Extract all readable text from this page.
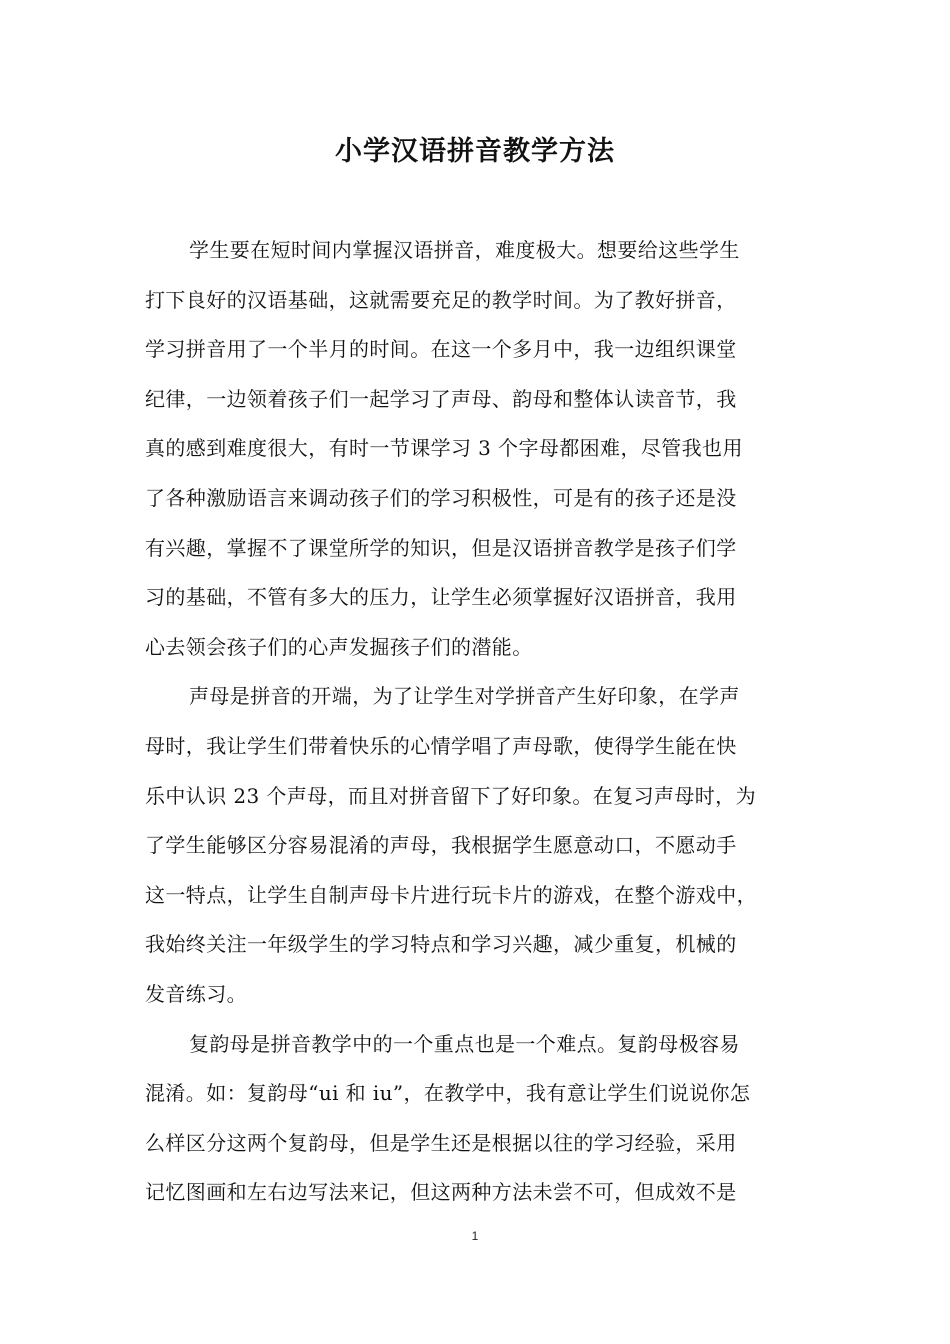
小学汉语拼音教学方法
学生要在短时间内掌握汉语拼音，难度极大。想要给这些学生
打下良好的汉语基础，这就需要充足的教学时间。为了教好拼音，
学习拼音用了一个半月的时间。在这一个多月中，我一边组织课堂
纪律，一边领着孩子们一起学习了声母、韵母和整体认读音节，我
真的感到难度很大，有时一节课学习 3 个字母都困难，尽管我也用
了各种激励语言来调动孩子们的学习积极性，可是有的孩子还是没
有兴趣，掌握不了课堂所学的知识，但是汉语拼音教学是孩子们学
习的基础，不管有多大的压力，让学生必须掌握好汉语拼音，我用
心去领会孩子们的心声发掘孩子们的潜能。
声母是拼音的开端，为了让学生对学拼音产生好印象，在学声
母时，我让学生们带着快乐的心情学唱了声母歌，使得学生能在快
乐中认识 23 个声母，而且对拼音留下了好印象。在复习声母时，为
了学生能够区分容易混淆的声母，我根据学生愿意动口，不愿动手
这一特点，让学生自制声母卡片进行玩卡片的游戏，在整个游戏中，
我始终关注一年级学生的学习特点和学习兴趣，减少重复，机械的
发音练习。
复韵母是拼音教学中的一个重点也是一个难点。复韵母极容易
混淆。如：复韵母“ui 和 iu”，在教学中，我有意让学生们说说你怎
么样区分这两个复韵母，但是学生还是根据以往的学习经验，采用
记忆图画和左右边写法来记，但这两种方法未尝不可，但成效不是
1
